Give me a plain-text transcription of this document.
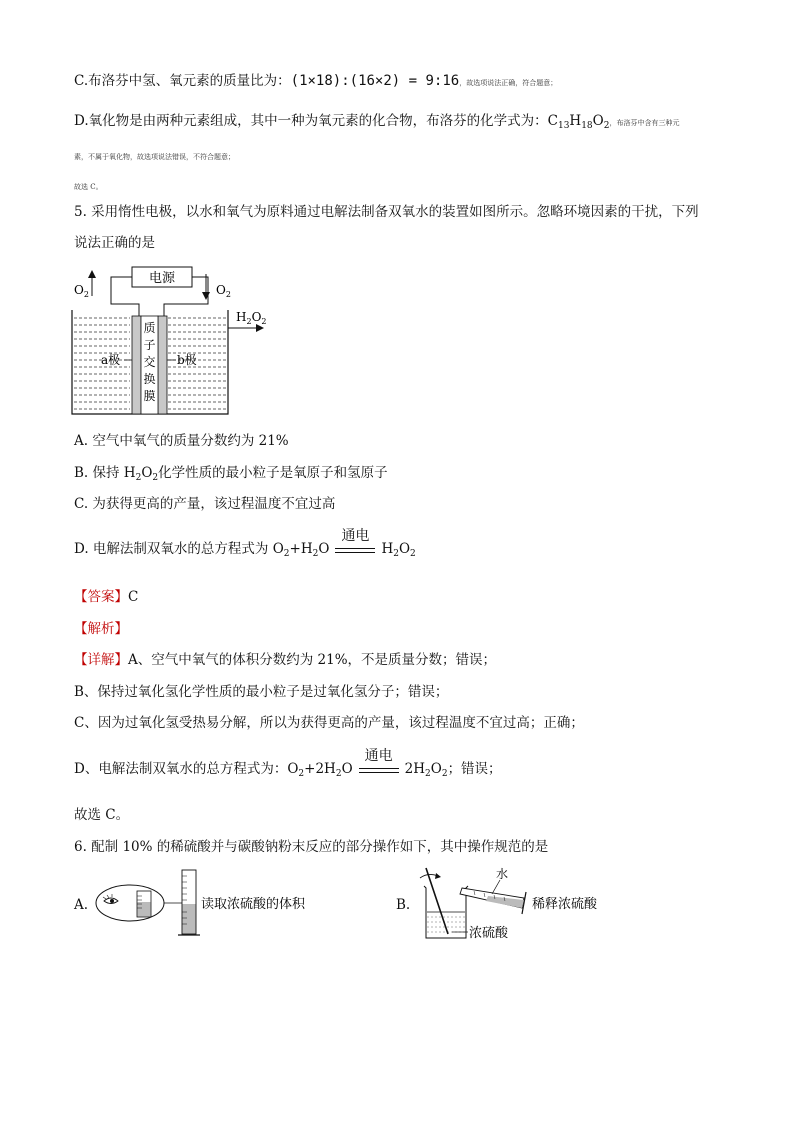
C.布洛芬中氢、氧元素的质量比为：(1×18):(16×2) = 9:16，故选项说法正确，符合题意；
D.氧化物是由两种元素组成，其中一种为氧元素的化合物，布洛芬的化学式为：$C_{13}H_{18}O_2$，布洛芬中含有三种元
素，不属于氧化物，故选项说法错误，不符合题意；
故选 C。
5. 采用惰性电极，以水和氧气为原料通过电解法制备双氧水的装置如图所示。忽略环境因素的干扰，下列
说法正确的是
电源
$O_2$	$O_2$
质
子
交
换
膜
a极	b极
$H_2O_2$
A. 空气中氧气的质量分数约为 21%
B. 保持 $H_2O_2$化学性质的最小粒子是氧原子和氢原子
C. 为获得更高的产量，该过程温度不宜过高
D. 电解法制双氧水的总方程式为 $O_2+H_2O$
通电
$H_2O_2$
【答案】C
【解析】
【详解】A、空气中氧气的体积分数约为 21%，不是质量分数；错误；
B、保持过氧化氢化学性质的最小粒子是过氧化氢分子；错误；
C、因为过氧化氢受热易分解，所以为获得更高的产量，该过程温度不宜过高；正确；
D、电解法制双氧水的总方程式为：$O_2+2H_2O$
通电
$2H_2O_2$；错误；
故选 C。
6. 配制 10% 的稀硫酸并与碳酸钠粉末反应的部分操作如下，其中操作规范的是
A.	读取浓硫酸的体积	B.
水
稀释浓硫酸
浓硫酸
